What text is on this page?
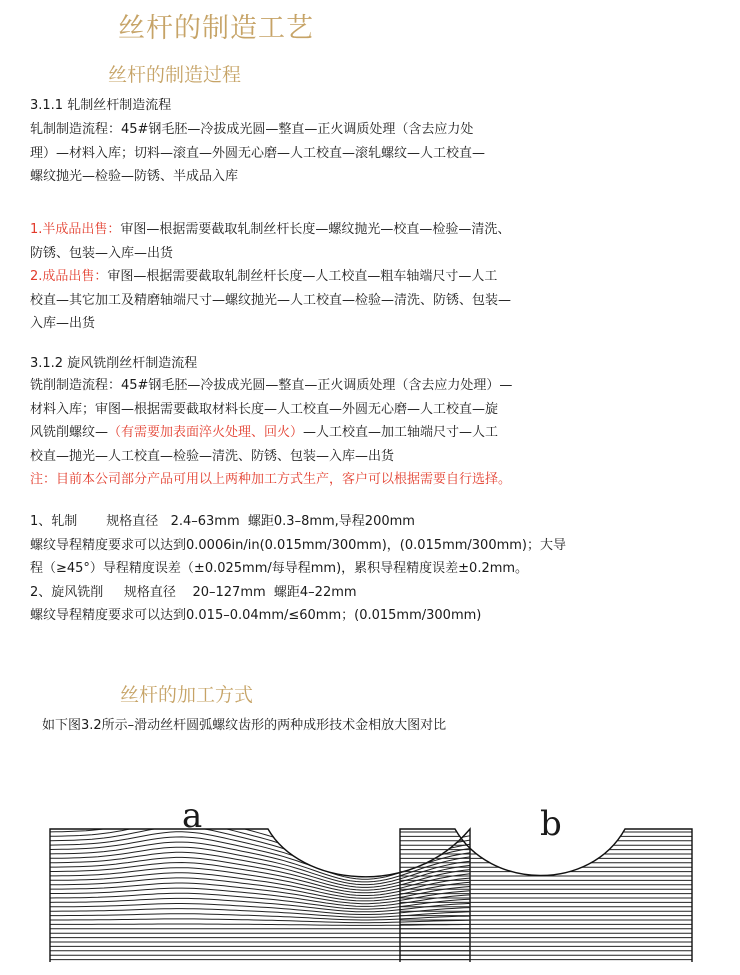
丝杆的制造工艺
丝杆的制造过程
3.1.1 轧制丝杆制造流程
轧制制造流程：45#钢毛胚—冷拔成光圆—整直—正火调质处理（含去应力处
理）—材料入库；切料—滚直—外圆无心磨—人工校直—滚轧螺纹—人工校直—
螺纹抛光—检验—防锈、半成品入库
1.半成品出售：审图—根据需要截取轧制丝杆长度—螺纹抛光—校直—检验—清洗、
防锈、包装—入库—出货
2.成品出售：审图—根据需要截取轧制丝杆长度—人工校直—粗车轴端尺寸—人工
校直—其它加工及精磨轴端尺寸—螺纹抛光—人工校直—检验—清洗、防锈、包装—
入库—出货
3.1.2 旋风铣削丝杆制造流程
铣削制造流程：45#钢毛胚—冷拔成光圆—整直—正火调质处理（含去应力处理）—
材料入库；审图—根据需要截取材料长度—人工校直—外圆无心磨—人工校直—旋
风铣削螺纹—（有需要加表面淬火处理、回火）—人工校直—加工轴端尺寸—人工
校直—抛光—人工校直—检验—清洗、防锈、包装—入库—出货
注：目前本公司部分产品可用以上两种加工方式生产，客户可以根据需要自行选择。
1、轧制       规格直径   2.4–63mm  螺距0.3–8mm,导程200mm
螺纹导程精度要求可以达到0.0006in/in(0.015mm/300mm)，(0.015mm/300mm)；大导
程（≥45°）导程精度误差（±0.025mm/每导程mm)，累积导程精度误差±0.2mm。
2、旋风铣削     规格直径    20–127mm  螺距4–22mm
螺纹导程精度要求可以达到0.015–0.04mm/≤60mm；(0.015mm/300mm)
丝杆的加工方式
如下图3.2所示–滑动丝杆圆弧螺纹齿形的两种成形技术金相放大图对比
a	b
